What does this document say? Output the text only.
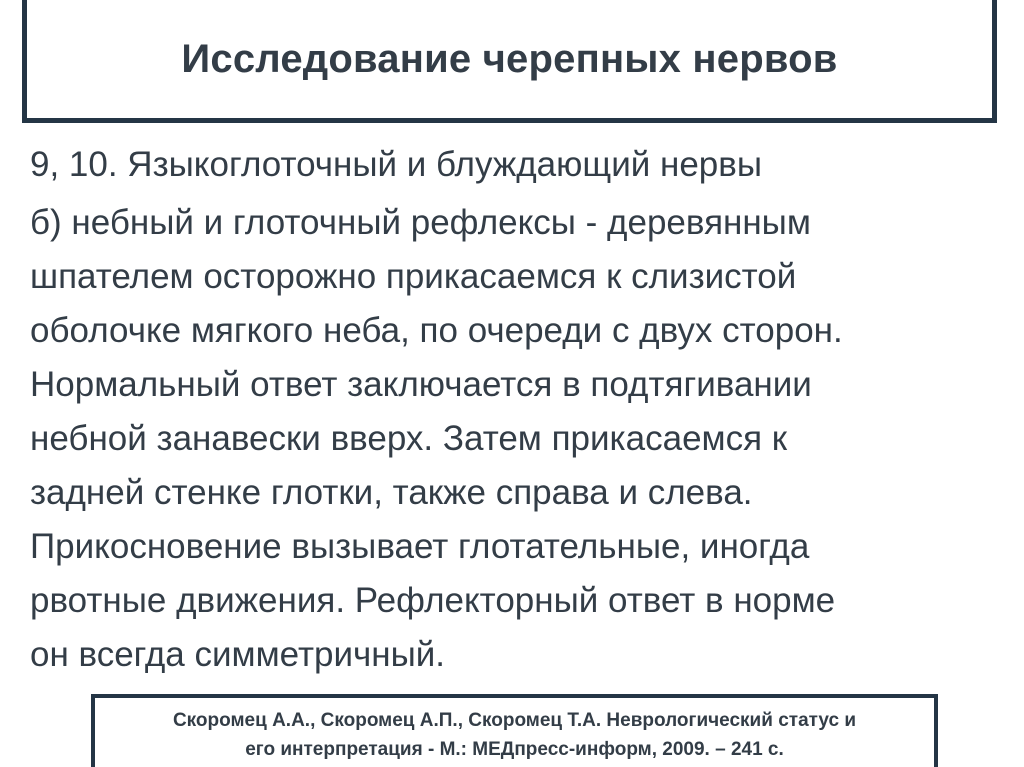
Исследование черепных нервов

9, 10. Языкоглоточный и блуждающий нервы

б) небный и глоточный рефлексы - деревянным
шпателем осторожно прикасаемся к слизистой
оболочке мягкого неба, по очереди с двух сторон.
Нормальный ответ заключается в подтягивании
небной занавески вверх. Затем прикасаемся к
задней стенке глотки, также справа и слева.
Прикосновение вызывает глотательные, иногда
рвотные движения. Рефлекторный ответ в норме
он всегда симметричный.

Скоромец А.А., Скоромец А.П., Скоромец Т.А. Неврологический статус и
его интерпретация - М.: МЕДпресс-информ, 2009. – 241 с.
